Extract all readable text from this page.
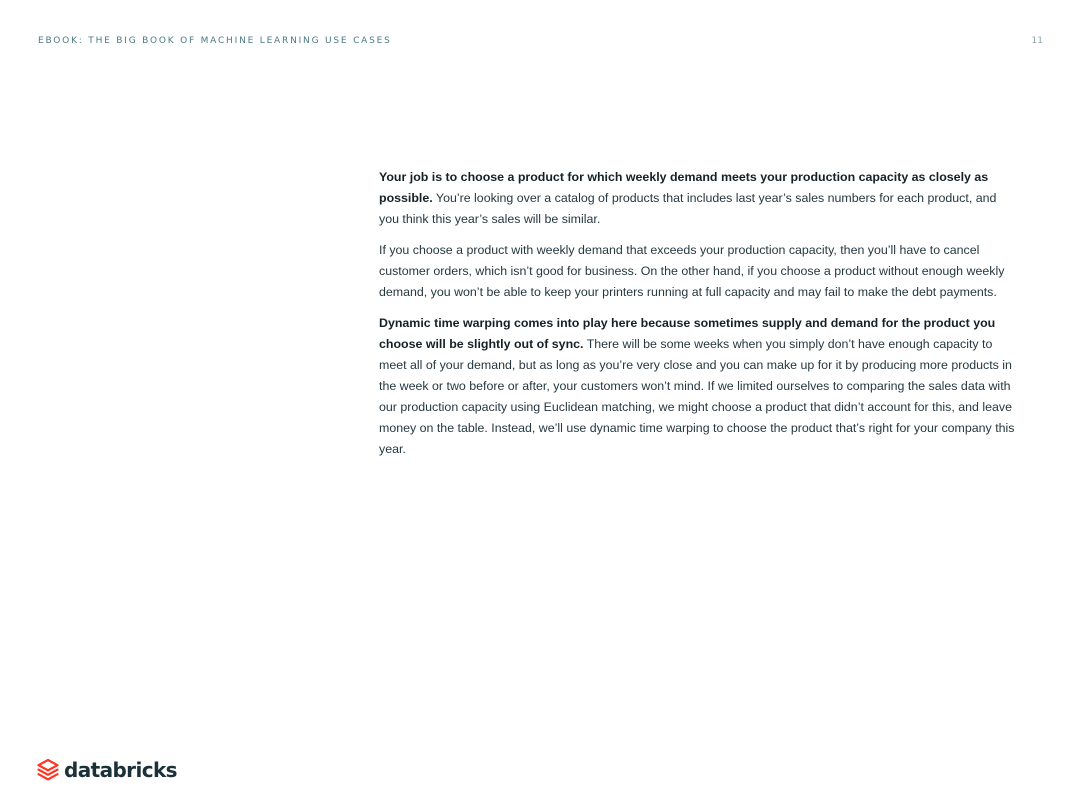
EBOOK: THE BIG BOOK OF MACHINE LEARNING USE CASES	11

Your job is to choose a product for which weekly demand meets your production capacity as closely as possible. You’re looking over a catalog of products that includes last year’s sales numbers for each product, and you think this year’s sales will be similar.

If you choose a product with weekly demand that exceeds your production capacity, then you’ll have to cancel customer orders, which isn’t good for business. On the other hand, if you choose a product without enough weekly demand, you won’t be able to keep your printers running at full capacity and may fail to make the debt payments.

Dynamic time warping comes into play here because sometimes supply and demand for the product you choose will be slightly out of sync. There will be some weeks when you simply don’t have enough capacity to meet all of your demand, but as long as you’re very close and you can make up for it by producing more products in the week or two before or after, your customers won’t mind. If we limited ourselves to comparing the sales data with our production capacity using Euclidean matching, we might choose a product that didn’t account for this, and leave money on the table. Instead, we’ll use dynamic time warping to choose the product that’s right for your company this year.

databricks
